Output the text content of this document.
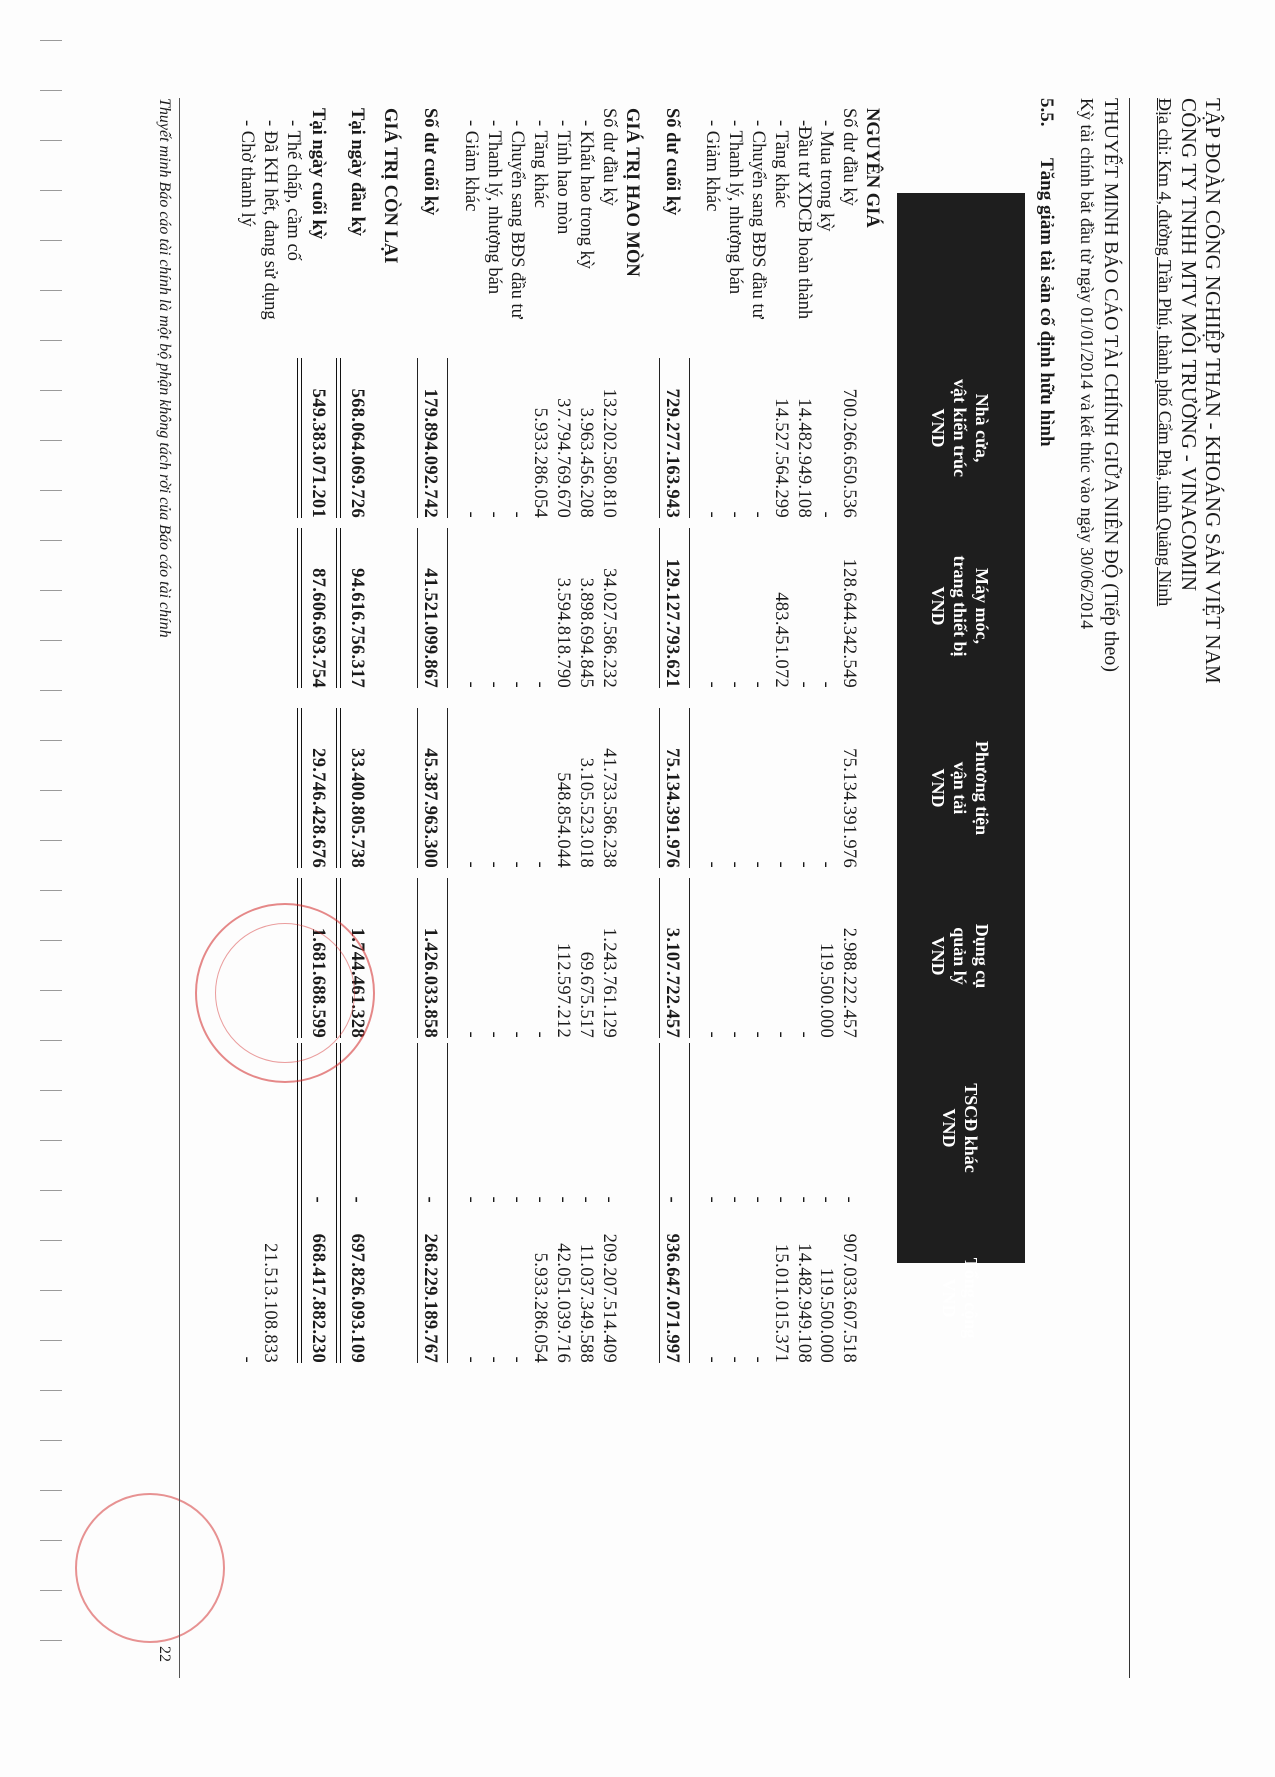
TẬP ĐOÀN CÔNG NGHIỆP THAN - KHOÁNG SẢN VIỆT NAM
CÔNG TY TNHH MTV MÔI TRƯỜNG - VINACOMIN
Địa chỉ: Km 4, đường Trần Phú, thành phố Cẩm Phả, tỉnh Quảng Ninh
THUYẾT MINH BÁO CÁO TÀI CHÍNH GIỮA NIÊN ĐỘ (Tiếp theo)
Kỳ tài chính bắt đầu từ ngày 01/01/2014 và kết thúc vào ngày 30/06/2014
5.5.
Tăng giảm tài sản cố định hữu hình
Nhà cửa,
vật kiến trúc
VND
Máy móc,
trang thiết bị
VND
Phương tiện
vận tải
VND
Dụng cụ
quản lý
VND
TSCĐ khác
VND
Tổng cộng
VND
NGUYÊN GIÁ
Số dư đầu kỳ
700.266.650.536
128.644.342.549
75.134.391.976
2.988.222.457
-
907.033.607.518
- Mua trong kỳ
-
-
-
119.500.000
-
119.500.000
-Đầu tư XDCB hoàn thành
14.482.949.108
-
-
-
-
14.482.949.108
- Tăng khác
14.527.564.299
483.451.072
-
-
-
15.011.015.371
- Chuyển sang BĐS đầu tư
-
-
-
-
-
-
- Thanh lý, nhượng bán
-
-
-
-
-
-
- Giảm khác
-
-
-
-
-
-
Số dư cuối kỳ
729.277.163.943
129.127.793.621
75.134.391.976
3.107.722.457
-
936.647.071.997
GIÁ TRỊ HAO MÒN
Số dư đầu kỳ
132.202.580.810
34.027.586.232
41.733.586.238
1.243.761.129
-
209.207.514.409
- Khấu hao trong kỳ
3.963.456.208
3.898.694.845
3.105.523.018
69.675.517
-
11.037.349.588
- Tính hao mòn
37.794.769.670
3.594.818.790
548.854.044
112.597.212
-
42.051.039.716
- Tăng khác
5.933.286.054
-
-
-
-
5.933.286.054
- Chuyển sang BĐS đầu tư
-
-
-
-
-
-
- Thanh lý, nhượng bán
-
-
-
-
-
-
- Giảm khác
-
-
-
-
-
-
Số dư cuối kỳ
179.894.092.742
41.521.099.867
45.387.963.300
1.426.033.858
-
268.229.189.767
GIÁ TRỊ CÒN LẠI
Tại ngày đầu kỳ
568.064.069.726
94.616.756.317
33.400.805.738
1.744.461.328
-
697.826.093.109
Tại ngày cuối kỳ
549.383.071.201
87.606.693.754
29.746.428.676
1.681.688.599
-
668.417.882.230
- Thế chấp, cầm cố
- Đã KH hết, đang sử dụng
21.513.108.833
- Chờ thanh lý
-
Thuyết minh Báo cáo tài chính là một bộ phận không tách rời của Báo cáo tài chính
22
